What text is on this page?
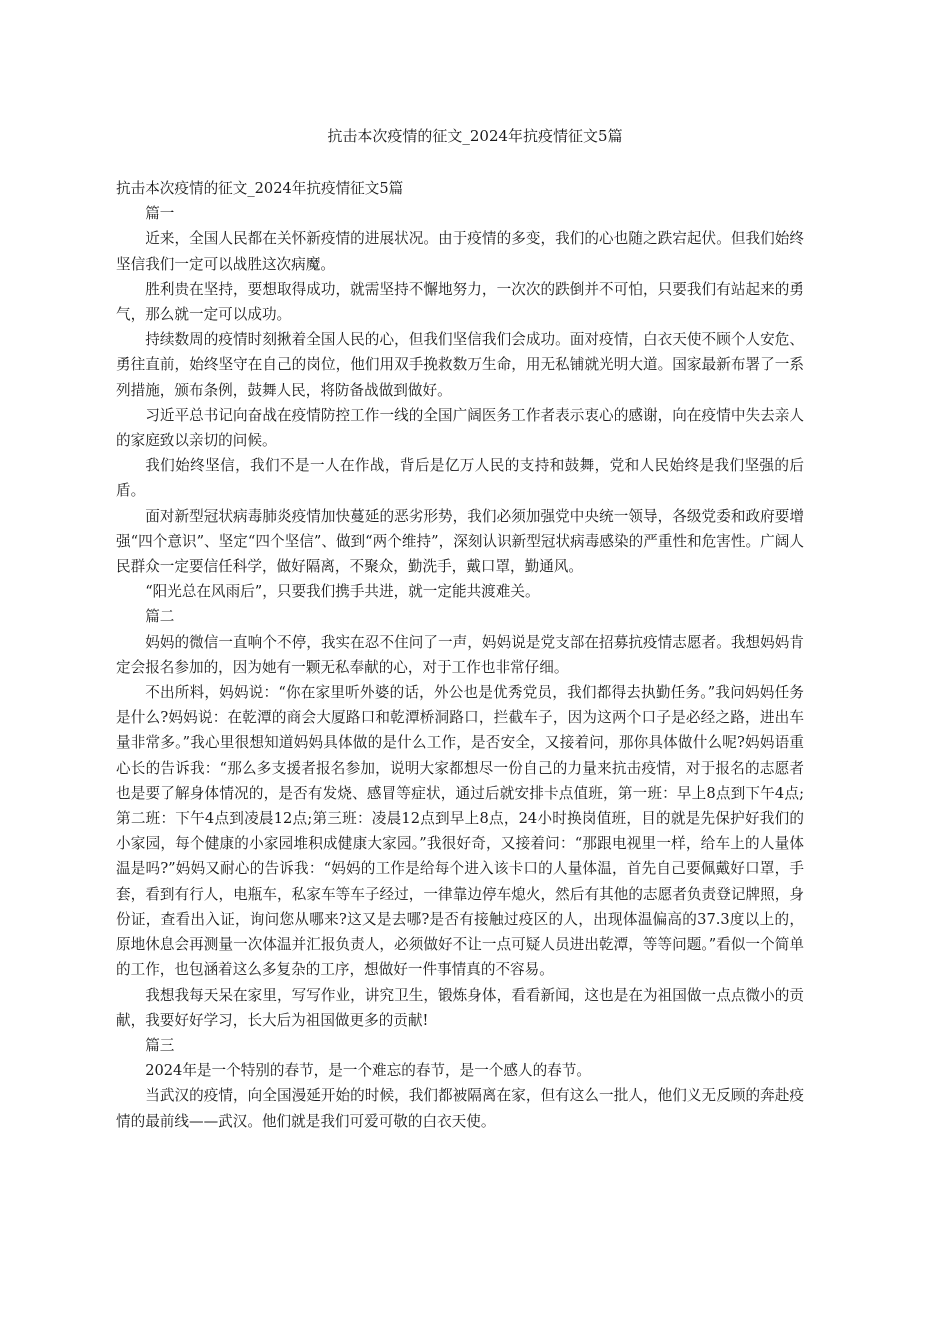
抗击本次疫情的征文_2024年抗疫情征文5篇

抗击本次疫情的征文_2024年抗疫情征文5篇

篇一

近来，全国人民都在关怀新疫情的进展状况。由于疫情的多变，我们的心也随之跌宕起伏。但我们始终坚信我们一定可以战胜这次病魔。

胜利贵在坚持，要想取得成功，就需坚持不懈地努力，一次次的跌倒并不可怕，只要我们有站起来的勇气，那么就一定可以成功。

持续数周的疫情时刻揪着全国人民的心，但我们坚信我们会成功。面对疫情，白衣天使不顾个人安危、勇往直前，始终坚守在自己的岗位，他们用双手挽救数万生命，用无私铺就光明大道。国家最新布署了一系列措施，颁布条例，鼓舞人民，将防备战做到做好。

习近平总书记向奋战在疫情防控工作一线的全国广阔医务工作者表示衷心的感谢，向在疫情中失去亲人的家庭致以亲切的问候。

我们始终坚信，我们不是一人在作战，背后是亿万人民的支持和鼓舞，党和人民始终是我们坚强的后盾。

面对新型冠状病毒肺炎疫情加快蔓延的恶劣形势，我们必须加强党中央统一领导，各级党委和政府要增强“四个意识”、坚定“四个坚信”、做到“两个维持”，深刻认识新型冠状病毒感染的严重性和危害性。广阔人民群众一定要信任科学，做好隔离，不聚众，勤洗手，戴口罩，勤通风。

“阳光总在风雨后”，只要我们携手共进，就一定能共渡难关。

篇二

妈妈的微信一直响个不停，我实在忍不住问了一声，妈妈说是党支部在招募抗疫情志愿者。我想妈妈肯定会报名参加的，因为她有一颗无私奉献的心，对于工作也非常仔细。

不出所料，妈妈说：“你在家里听外婆的话，外公也是优秀党员，我们都得去执勤任务。”我问妈妈任务是什么?妈妈说：在乾潭的商会大厦路口和乾潭桥洞路口，拦截车子，因为这两个口子是必经之路，进出车量非常多。”我心里很想知道妈妈具体做的是什么工作，是否安全，又接着问，那你具体做什么呢?妈妈语重心长的告诉我：“那么多支援者报名参加，说明大家都想尽一份自己的力量来抗击疫情，对于报名的志愿者也是要了解身体情况的，是否有发烧、感冒等症状，通过后就安排卡点值班，第一班：早上8点到下午4点;第二班：下午4点到凌晨12点;第三班：凌晨12点到早上8点，24小时换岗值班，目的就是先保护好我们的小家园，每个健康的小家园堆积成健康大家园。”我很好奇，又接着问：“那跟电视里一样，给车上的人量体温是吗?”妈妈又耐心的告诉我：“妈妈的工作是给每个进入该卡口的人量体温，首先自己要佩戴好口罩，手套，看到有行人，电瓶车，私家车等车子经过，一律靠边停车熄火，然后有其他的志愿者负责登记牌照，身份证，查看出入证，询问您从哪来?这又是去哪?是否有接触过疫区的人，出现体温偏高的37.3度以上的，原地休息会再测量一次体温并汇报负责人，必须做好不让一点可疑人员进出乾潭，等等问题。”看似一个简单的工作，也包涵着这么多复杂的工序，想做好一件事情真的不容易。

我想我每天呆在家里，写写作业，讲究卫生，锻炼身体，看看新闻，这也是在为祖国做一点点微小的贡献，我要好好学习，长大后为祖国做更多的贡献!

篇三

2024年是一个特别的春节，是一个难忘的春节，是一个感人的春节。

当武汉的疫情，向全国漫延开始的时候，我们都被隔离在家，但有这么一批人，他们义无反顾的奔赴疫情的最前线——武汉。他们就是我们可爱可敬的白衣天使。
